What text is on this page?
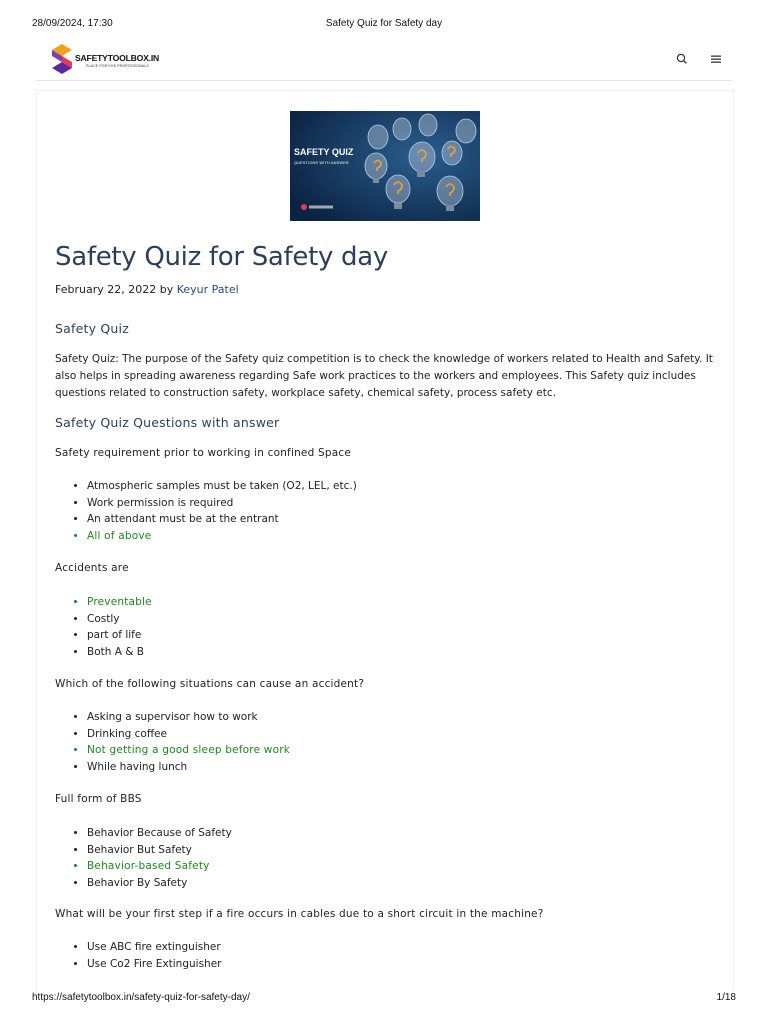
28/09/2024, 17:30	Safety Quiz for Safety day
SAFETYTOOLBOX.IN
PLACE FOR EHS PROFESSIONALS
SAFETY QUIZ
QUESTIONS WITH ANSWER
Safety Quiz for Safety day
February 22, 2022 by Keyur Patel
Safety Quiz

Safety Quiz: The purpose of the Safety quiz competition is to check the knowledge of workers related to Health and Safety. It also helps in spreading awareness regarding Safe work practices to the workers and employees. This Safety quiz includes questions related to construction safety, workplace safety, chemical safety, process safety etc.

Safety Quiz Questions with answer

Safety requirement prior to working in confined Space

• Atmospheric samples must be taken (O2, LEL, etc.)
• Work permission is required
• An attendant must be at the entrant
• All of above

Accidents are

• Preventable
• Costly
• part of life
• Both A & B

Which of the following situations can cause an accident?

• Asking a supervisor how to work
• Drinking coffee
• Not getting a good sleep before work
• While having lunch

Full form of BBS

• Behavior Because of Safety
• Behavior But Safety
• Behavior-based Safety
• Behavior By Safety

What will be your first step if a fire occurs in cables due to a short circuit in the machine?

• Use ABC fire extinguisher
• Use Co2 Fire Extinguisher
https://safetytoolbox.in/safety-quiz-for-safety-day/	1/18
